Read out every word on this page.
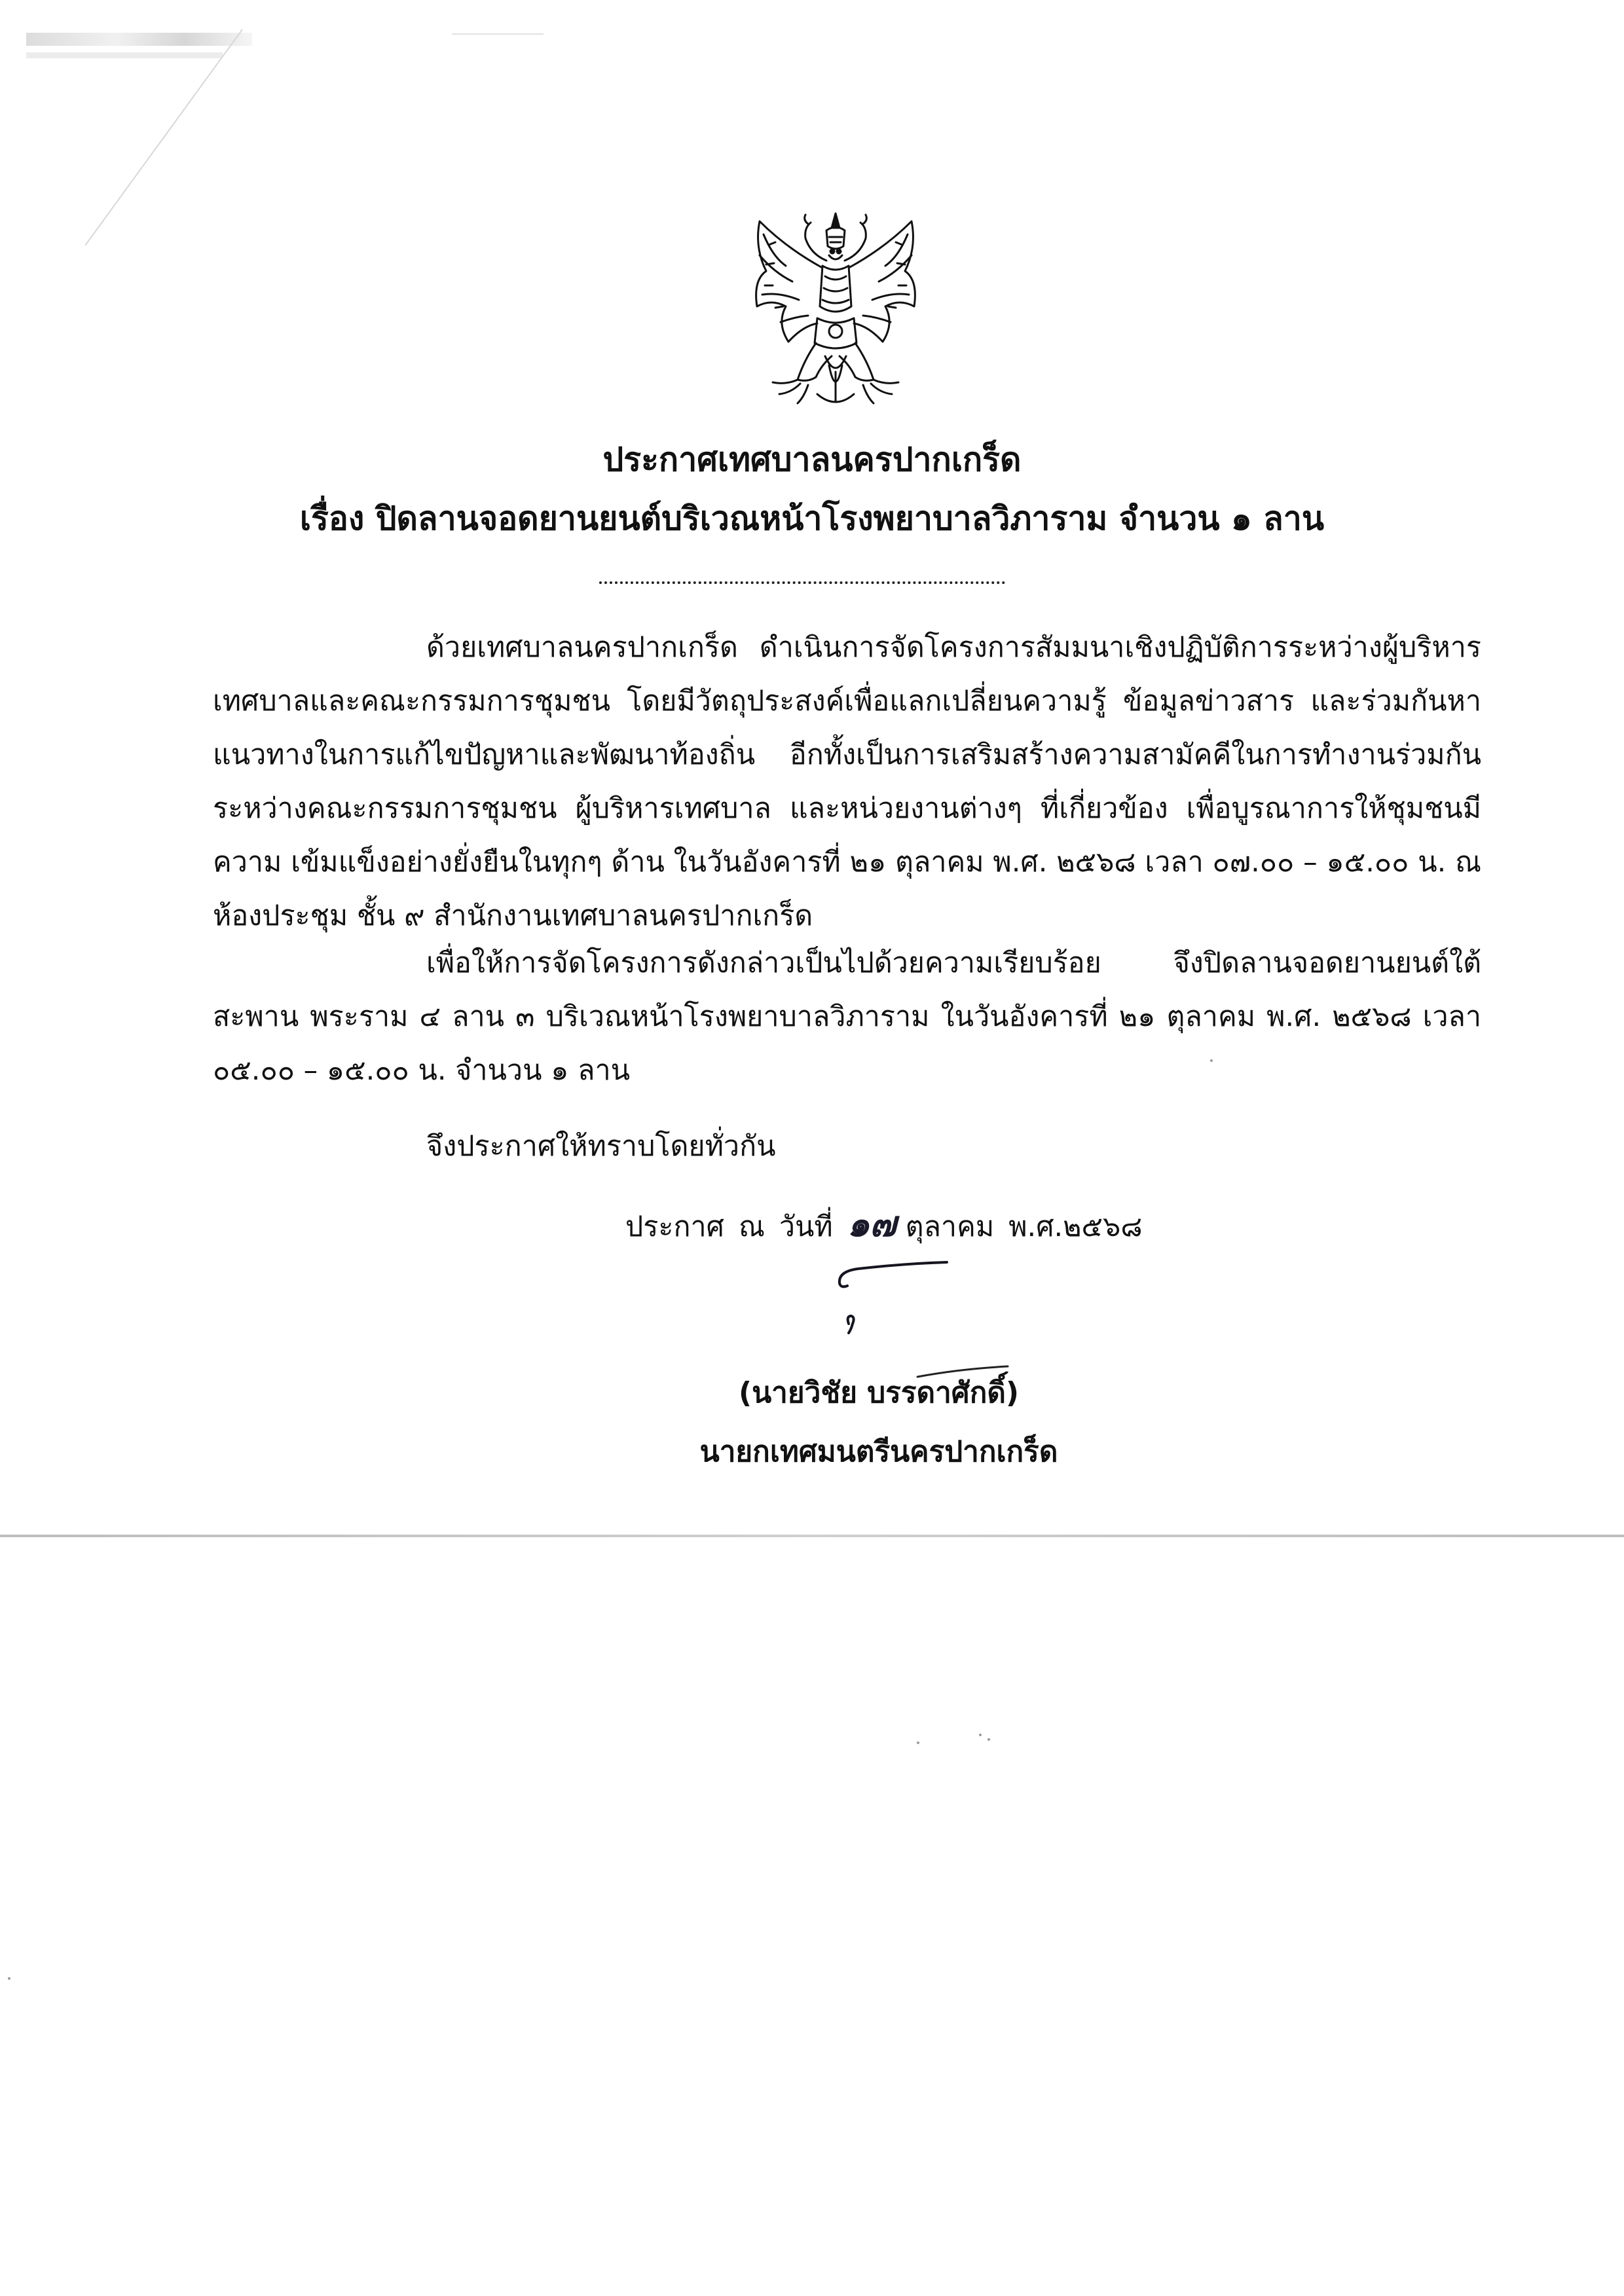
ประกาศเทศบาลนครปากเกร็ด
เรื่อง ปิดลานจอดยานยนต์บริเวณหน้าโรงพยาบาลวิภาราม จำนวน ๑ ลาน
ด้วยเทศบาลนครปากเกร็ด ดำเนินการจัดโครงการสัมมนาเชิงปฏิบัติการระหว่างผู้บริหาร เทศบาลและคณะกรรมการชุมชน โดยมีวัตถุประสงค์เพื่อแลกเปลี่ยนความรู้ ข้อมูลข่าวสาร และร่วมกันหา แนวทางในการแก้ไขปัญหาและพัฒนาท้องถิ่น อีกทั้งเป็นการเสริมสร้างความสามัคคีในการทำงานร่วมกัน ระหว่างคณะกรรมการชุมชน ผู้บริหารเทศบาล และหน่วยงานต่างๆ ที่เกี่ยวข้อง เพื่อบูรณาการให้ชุมชนมีความ เข้มแข็งอย่างยั่งยืนในทุกๆ ด้าน ในวันอังคารที่ ๒๑ ตุลาคม พ.ศ. ๒๕๖๘ เวลา ๐๗.๐๐ – ๑๕.๐๐ น. ณ ห้องประชุม ชั้น ๙ สำนักงานเทศบาลนครปากเกร็ด
เพื่อให้การจัดโครงการดังกล่าวเป็นไปด้วยความเรียบร้อย จึงปิดลานจอดยานยนต์ใต้สะพาน พระราม ๔ ลาน ๓ บริเวณหน้าโรงพยาบาลวิภาราม ในวันอังคารที่ ๒๑ ตุลาคม พ.ศ. ๒๕๖๘ เวลา ๐๕.๐๐ – ๑๕.๐๐ น. จำนวน ๑ ลาน
จึงประกาศให้ทราบโดยทั่วกัน
ประกาศ ณ วันที่ ๑๗ ตุลาคม พ.ศ.๒๕๖๘
(นายวิชัย บรรดาศักดิ์)
นายกเทศมนตรีนครปากเกร็ด
